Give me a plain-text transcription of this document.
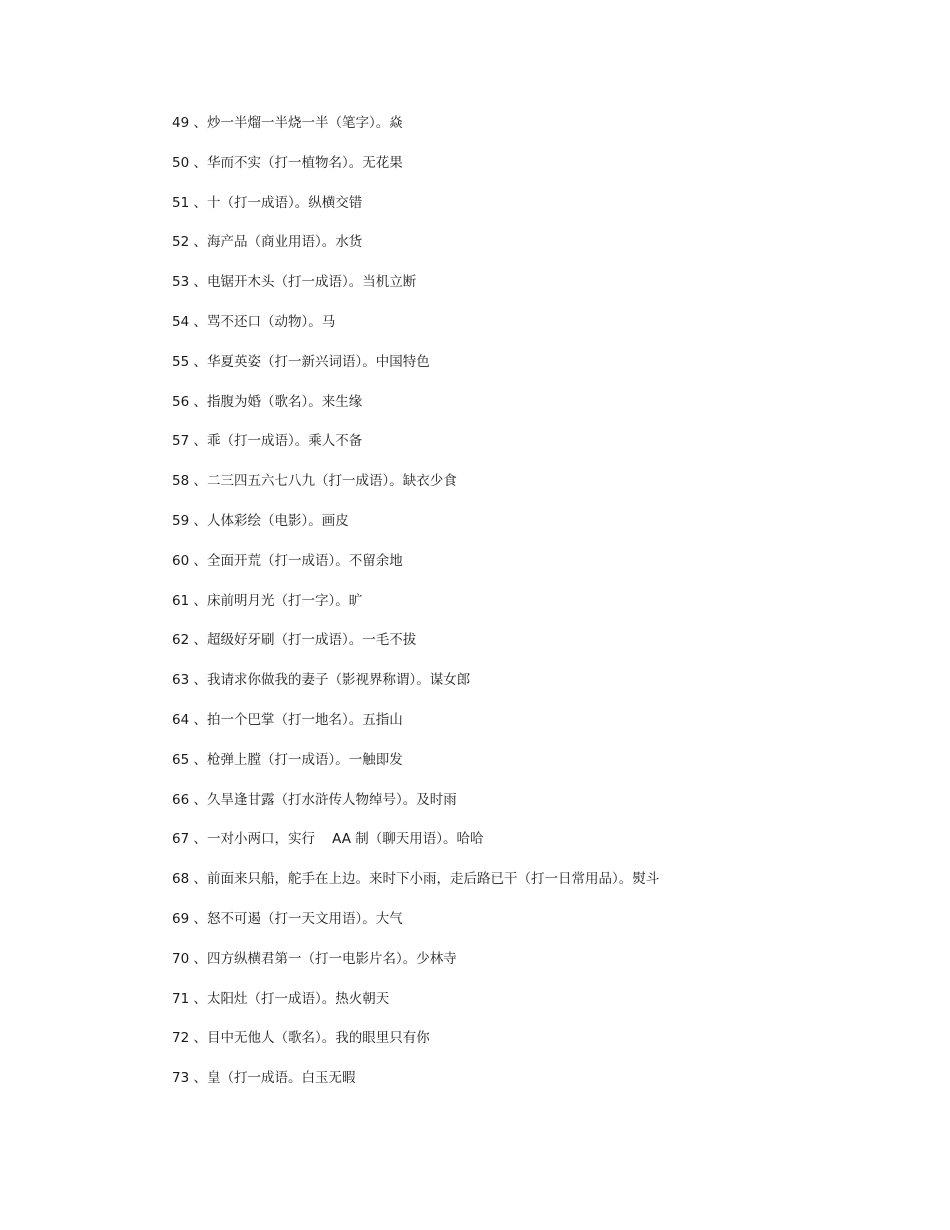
49 、炒一半熘一半烧一半（笔字）。焱
50 、华而不实（打一植物名）。无花果
51 、十（打一成语）。纵横交错
52 、海产品（商业用语）。水货
53 、电锯开木头（打一成语）。当机立断
54 、骂不还口（动物）。马
55 、华夏英姿（打一新兴词语）。中国特色
56 、指腹为婚（歌名）。来生缘
57 、乖（打一成语）。乘人不备
58 、二三四五六七八九（打一成语）。缺衣少食
59 、人体彩绘（电影）。画皮
60 、全面开荒（打一成语）。不留余地
61 、床前明月光（打一字）。旷
62 、超级好牙刷（打一成语）。一毛不拔
63 、我请求你做我的妻子（影视界称谓）。谋女郎
64 、拍一个巴掌（打一地名）。五指山
65 、枪弹上膛（打一成语）。一触即发
66 、久旱逢甘露（打水浒传人物绰号）。及时雨
67 、一对小两口，实行    AA 制（聊天用语）。哈哈
68 、前面来只船，舵手在上边。来时下小雨，走后路已干（打一日常用品）。熨斗
69 、怒不可遏（打一天文用语）。大气
70 、四方纵横君第一（打一电影片名）。少林寺
71 、太阳灶（打一成语）。热火朝天
72 、目中无他人（歌名）。我的眼里只有你
73 、皇（打一成语。白玉无暇
